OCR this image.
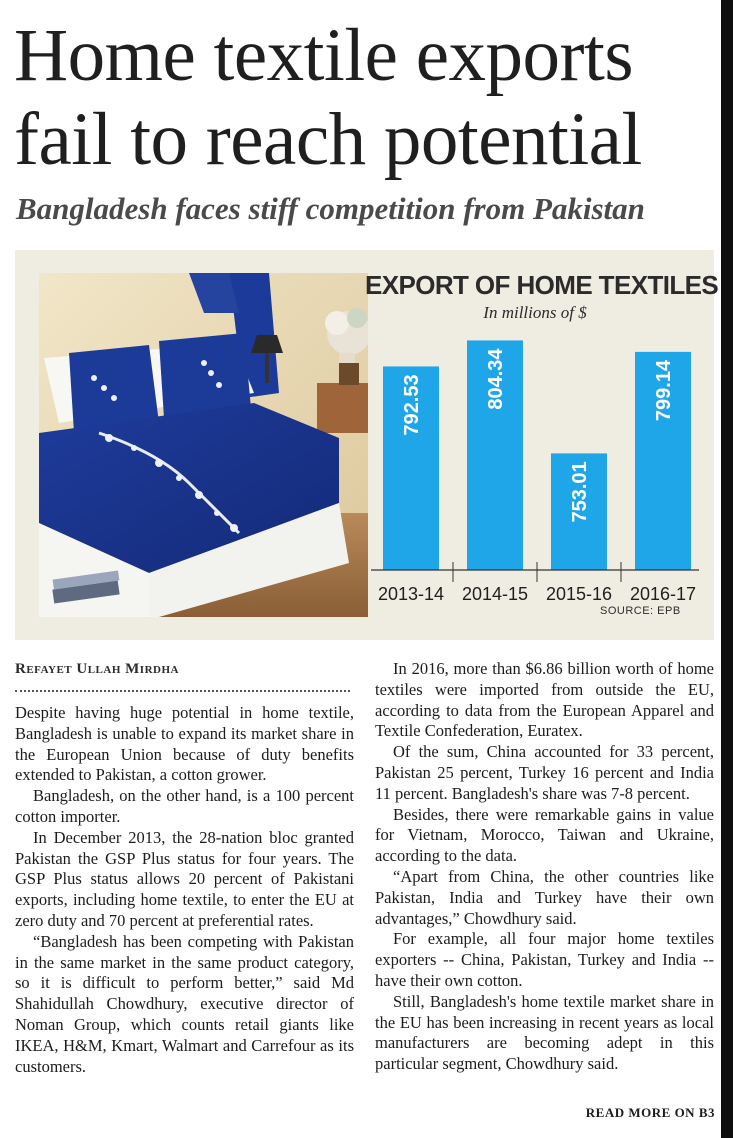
Home textile exports fail to reach potential
Bangladesh faces stiff competition from Pakistan
EXPORT OF HOME TEXTILES
In millions of $
792.53
2013-14
804.34
2014-15
753.01
2015-16
799.14
2016-17
SOURCE: EPB
Refayet Ullah Mirdha

Despite having huge potential in home textile, Bangladesh is unable to expand its market share in the European Union because of duty benefits extended to Pakistan, a cotton grower.

Bangladesh, on the other hand, is a 100 percent cotton importer.

In December 2013, the 28-nation bloc granted Pakistan the GSP Plus status for four years. The GSP Plus status allows 20 percent of Pakistani exports, including home textile, to enter the EU at zero duty and 70 percent at preferential rates.

“Bangladesh has been competing with Pakistan in the same market in the same product category, so it is difficult to perform better,” said Md Shahidullah Chowdhury, executive director of Noman Group, which counts retail giants like IKEA, H&M, Kmart, Walmart and Carrefour as its customers.

In 2016, more than $6.86 billion worth of home textiles were imported from outside the EU, according to data from the European Apparel and Textile Confederation, Euratex.

Of the sum, China accounted for 33 percent, Pakistan 25 percent, Turkey 16 percent and India 11 percent. Bangladesh's share was 7-8 percent.

Besides, there were remarkable gains in value for Vietnam, Morocco, Taiwan and Ukraine, according to the data.

“Apart from China, the other countries like Pakistan, India and Turkey have their own advantages,” Chowdhury said.

For example, all four major home textiles exporters -- China, Pakistan, Turkey and India -- have their own cotton.

Still, Bangladesh's home textile market share in the EU has been increasing in recent years as local manufacturers are becoming adept in this particular segment, Chowdhury said.

READ MORE ON B3
